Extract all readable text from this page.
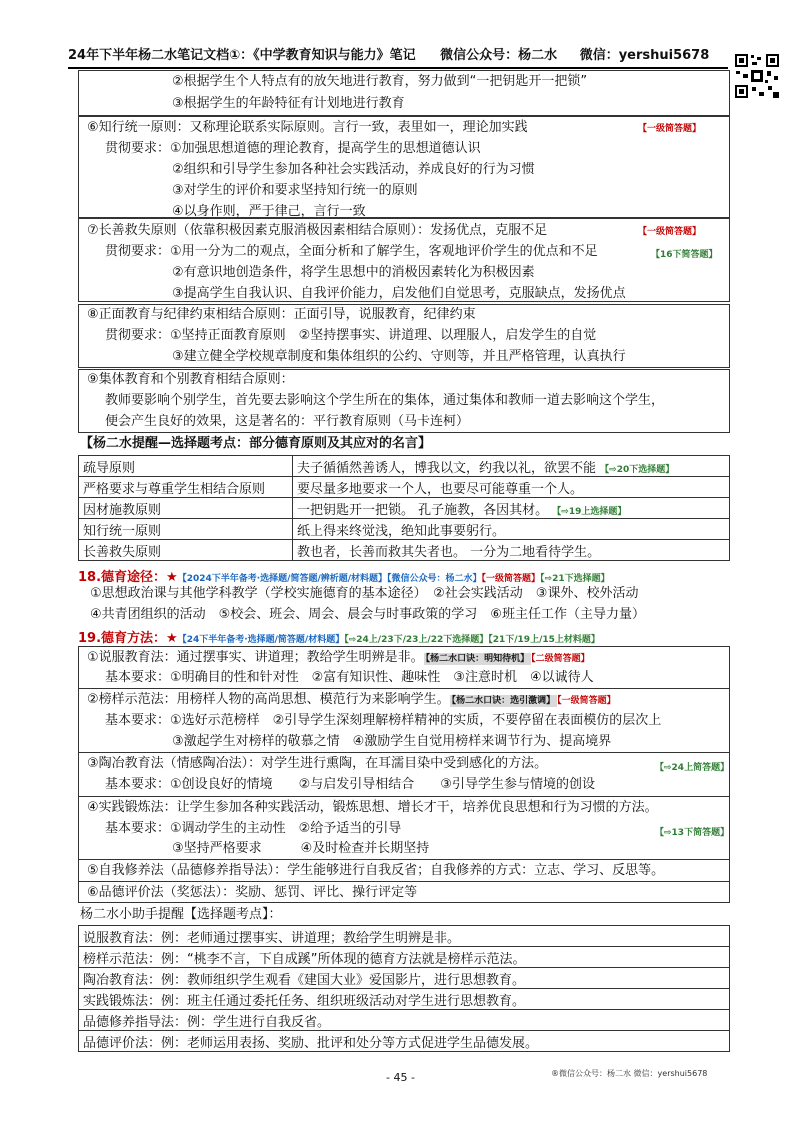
24年下半年杨二水笔记文档①：《中学教育知识与能力》笔记 微信公众号：杨二水 微信：yershui5678
②根据学生个人特点有的放矢地进行教育，努力做到“一把钥匙开一把锁”
③根据学生的年龄特征有计划地进行教育
⑥知行统一原则：又称理论联系实际原则。言行一致，表里如一，理论加实践	【一级简答题】
贯彻要求：①加强思想道德的理论教育，提高学生的思想道德认识
②组织和引导学生参加各种社会实践活动，养成良好的行为习惯
③对学生的评价和要求坚持知行统一的原则
④以身作则，严于律己，言行一致
⑦长善救失原则（依靠积极因素克服消极因素相结合原则）：发扬优点，克服不足	【一级简答题】
贯彻要求：①用一分为二的观点，全面分析和了解学生，客观地评价学生的优点和不足	【16下简答题】
②有意识地创造条件，将学生思想中的消极因素转化为积极因素
③提高学生自我认识、自我评价能力，启发他们自觉思考，克服缺点，发扬优点
⑧正面教育与纪律约束相结合原则：正面引导，说服教育，纪律约束
贯彻要求：①坚持正面教育原则　②坚持摆事实、讲道理、以理服人，启发学生的自觉
③建立健全学校规章制度和集体组织的公约、守则等，并且严格管理，认真执行
⑨集体教育和个别教育相结合原则：
教师要影响个别学生，首先要去影响这个学生所在的集体，通过集体和教师一道去影响这个学生，
便会产生良好的效果，这是著名的：平行教育原则（马卡连柯）
【杨二水提醒—选择题考点：部分德育原则及其应对的名言】
疏导原则	夫子循循然善诱人，博我以文，约我以礼，欲罢不能 【⇨20下选择题】
严格要求与尊重学生相结合原则	要尽量多地要求一个人，也要尽可能尊重一个人。
因材施教原则	一把钥匙开一把锁。 孔子施教，各因其材。 【⇨19上选择题】
知行统一原则	纸上得来终觉浅，绝知此事要躬行。
长善救失原则	教也者，长善而救其失者也。 一分为二地看待学生。
18.德育途径：★【2024下半年备考·选择题/简答题/辨析题/材料题】【微信公众号：杨二水】【一级简答题】【⇨21下选择题】
①思想政治课与其他学科教学（学校实施德育的基本途径）　②社会实践活动　③课外、校外活动
④共青团组织的活动　⑤校会、班会、周会、晨会与时事政策的学习　⑥班主任工作（主导力量）
19.德育方法：★【24下半年备考·选择题/简答题/材料题】【⇨24上/23下/23上/22下选择题】【21下/19上/15上材料题】
①说服教育法：通过摆事实、讲道理；教给学生明辨是非。 【杨二水口诀：明知待机】 【二级简答题】
基本要求：①明确目的性和针对性　②富有知识性、趣味性　③注意时机　④以诚待人
②榜样示范法：用榜样人物的高尚思想、模范行为来影响学生。 【杨二水口诀：选引激调】 【一级简答题】
基本要求：①选好示范榜样　②引导学生深刻理解榜样精神的实质，不要停留在表面模仿的层次上
③激起学生对榜样的敬慕之情　④激励学生自觉用榜样来调节行为、提高境界
③陶冶教育法（情感陶冶法）：对学生进行熏陶，在耳濡目染中受到感化的方法。	【⇨24上简答题】
基本要求：①创设良好的情境　　②与启发引导相结合　　③引导学生参与情境的创设
④实践锻炼法：让学生参加各种实践活动，锻炼思想、增长才干，培养优良思想和行为习惯的方法。
基本要求：①调动学生的主动性　②给予适当的引导	【⇨13下简答题】
③坚持严格要求　　　④及时检查并长期坚持
⑤自我修养法（品德修养指导法）：学生能够进行自我反省；自我修养的方式：立志、学习、反思等。
⑥品德评价法（奖惩法）：奖励、惩罚、评比、操行评定等
杨二水小助手提醒【选择题考点】：
说服教育法：例：老师通过摆事实、讲道理；教给学生明辨是非。
榜样示范法：例：“桃李不言，下自成蹊”所体现的德育方法就是榜样示范法。
陶冶教育法：例：教师组织学生观看《建国大业》爱国影片，进行思想教育。
实践锻炼法：例：班主任通过委托任务、组织班级活动对学生进行思想教育。
品德修养指导法：例：学生进行自我反省。
品德评价法：例：老师运用表扬、奖励、批评和处分等方式促进学生品德发展。
- 45 -	®微信公众号：杨二水 微信：yershui5678
